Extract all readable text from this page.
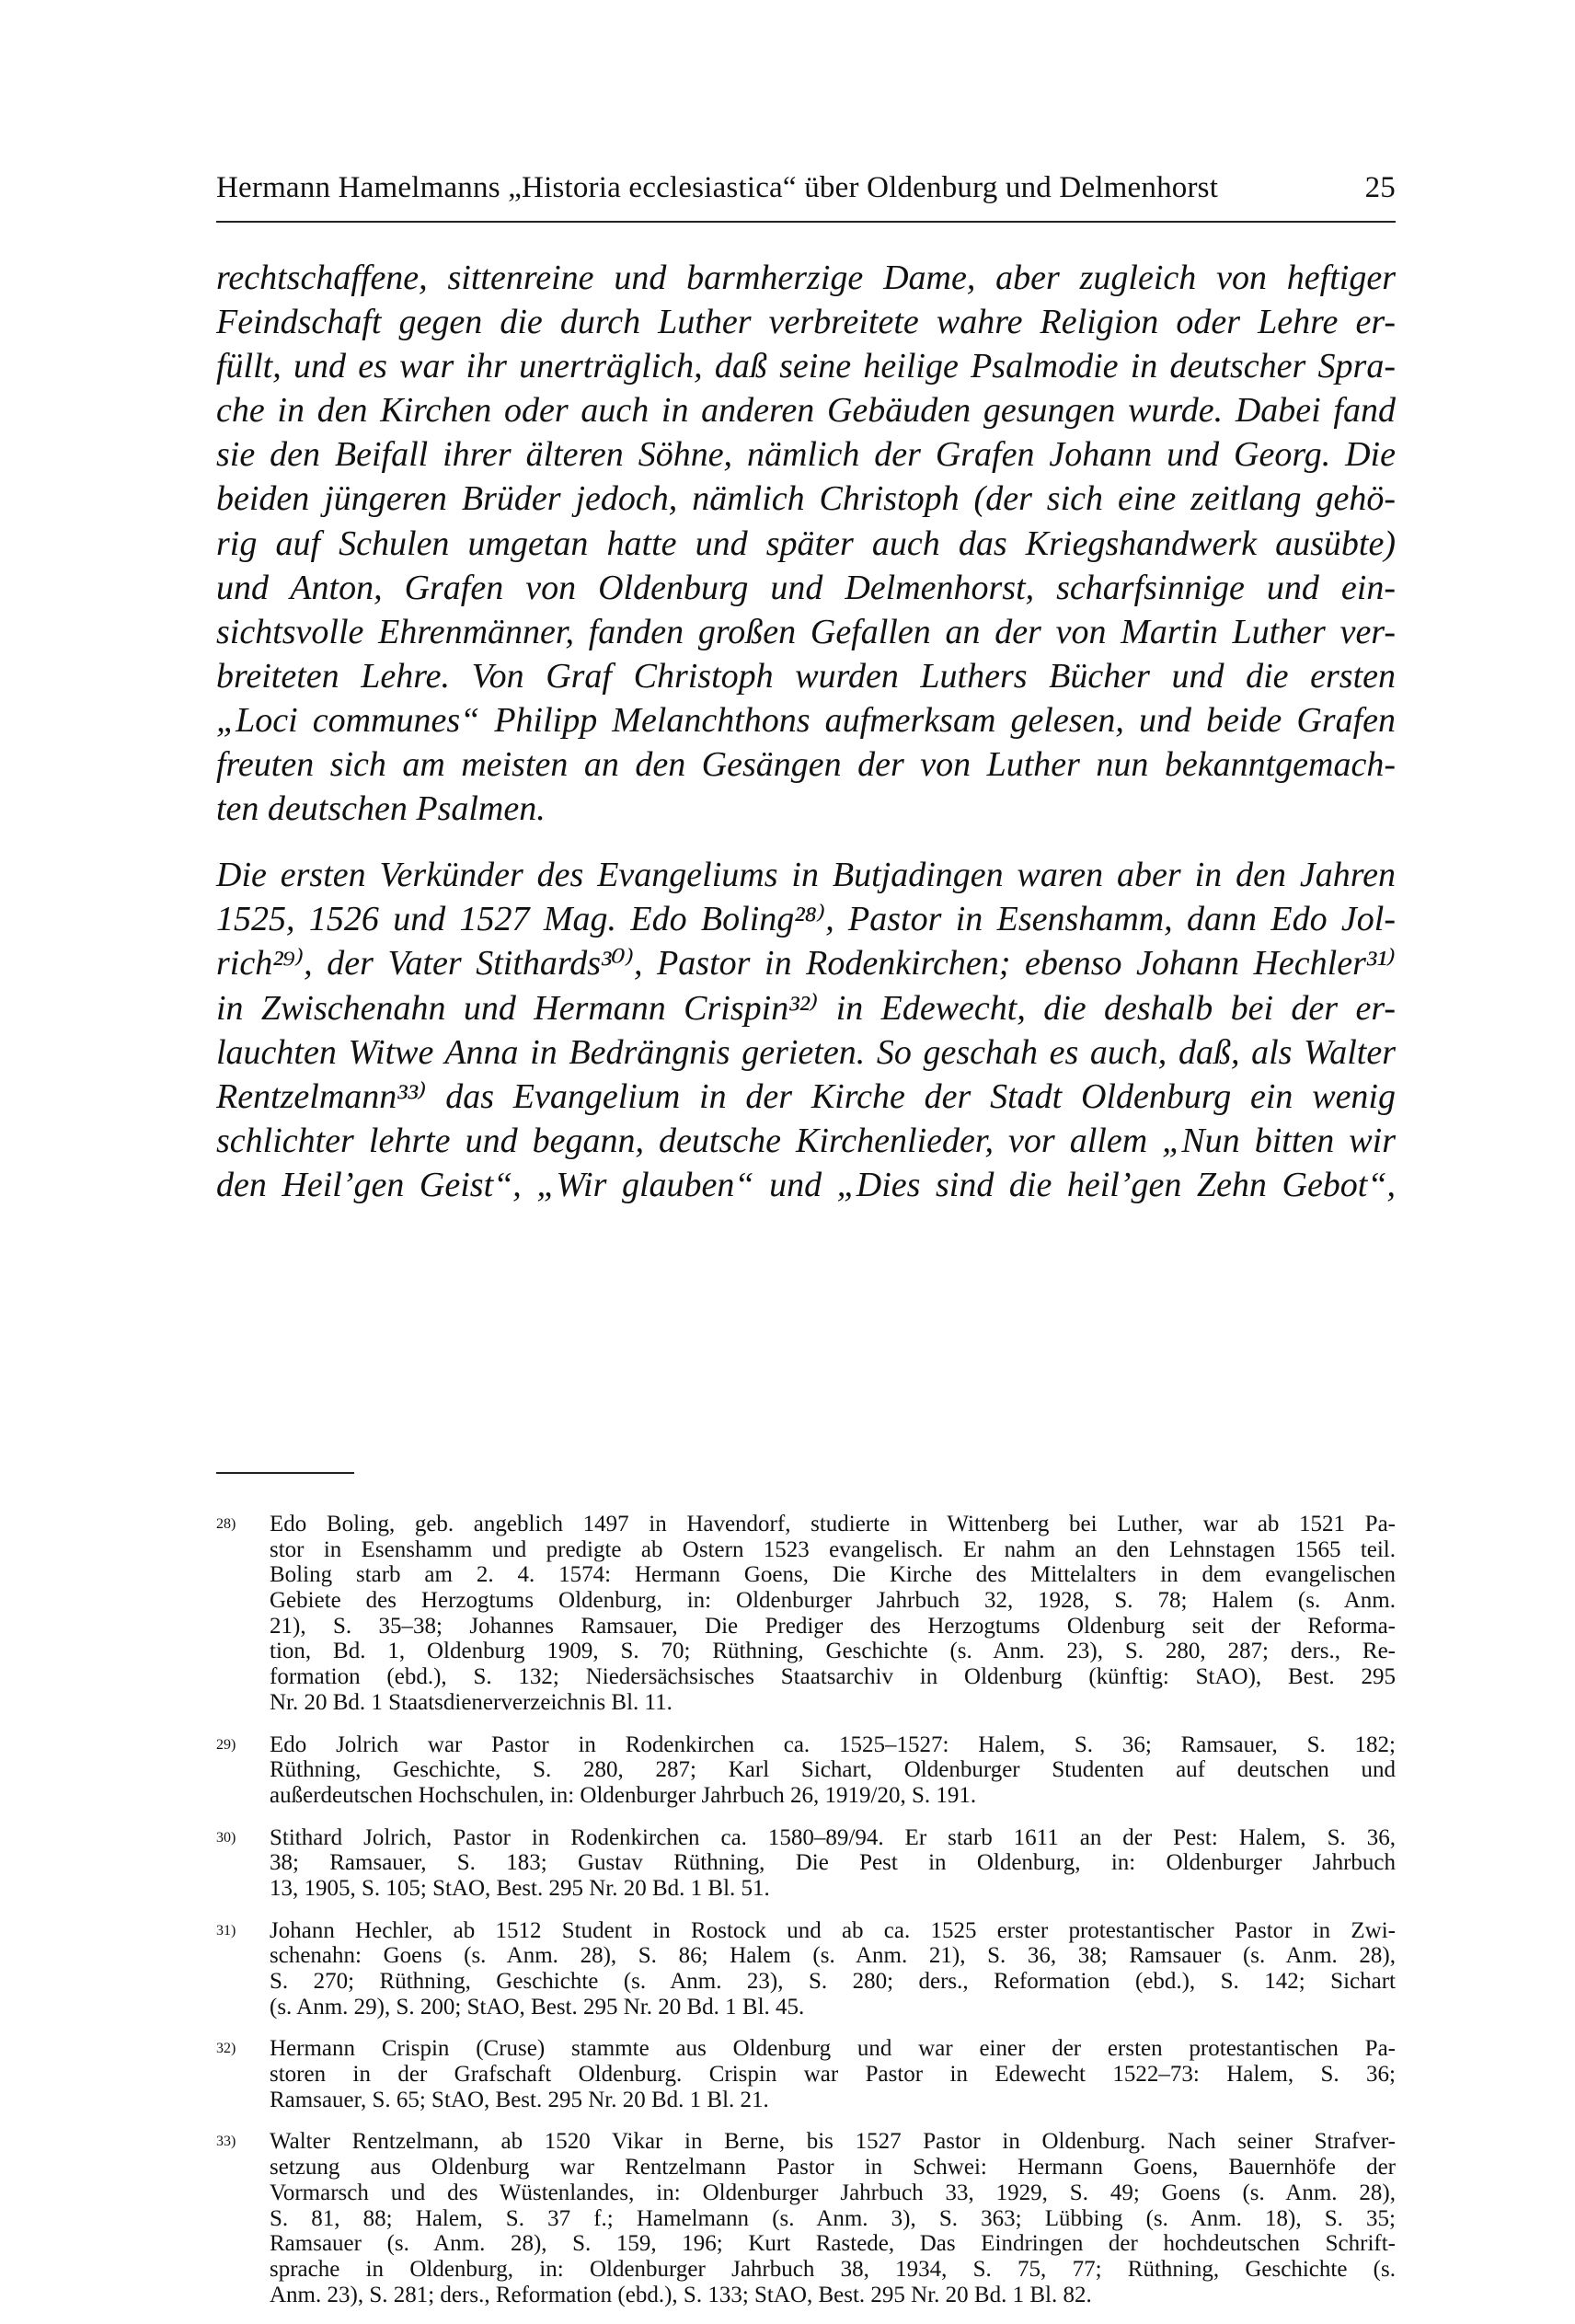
Hermann Hamelmanns „Historia ecclesiastica“ über Oldenburg und Delmenhorst	25
rechtschaffene, sittenreine und barmherzige Dame, aber zugleich von heftiger
Feindschaft gegen die durch Luther verbreitete wahre Religion oder Lehre er-
füllt, und es war ihr unerträglich, daß seine heilige Psalmodie in deutscher Spra-
che in den Kirchen oder auch in anderen Gebäuden gesungen wurde. Dabei fand
sie den Beifall ihrer älteren Söhne, nämlich der Grafen Johann und Georg. Die
beiden jüngeren Brüder jedoch, nämlich Christoph (der sich eine zeitlang gehö-
rig auf Schulen umgetan hatte und später auch das Kriegshandwerk ausübte)
und Anton, Grafen von Oldenburg und Delmenhorst, scharfsinnige und ein-
sichtsvolle Ehrenmänner, fanden großen Gefallen an der von Martin Luther ver-
breiteten Lehre. Von Graf Christoph wurden Luthers Bücher und die ersten
„Loci communes“ Philipp Melanchthons aufmerksam gelesen, und beide Grafen
freuten sich am meisten an den Gesängen der von Luther nun bekanntgemach-
ten deutschen Psalmen.
Die ersten Verkünder des Evangeliums in Butjadingen waren aber in den Jahren
1525, 1526 und 1527 Mag. Edo Boling²⁸⁾, Pastor in Esenshamm, dann Edo Jol-
rich²⁹⁾, der Vater Stithards³⁰⁾, Pastor in Rodenkirchen; ebenso Johann Hechler³¹⁾
in Zwischenahn und Hermann Crispin³²⁾ in Edewecht, die deshalb bei der er-
lauchten Witwe Anna in Bedrängnis gerieten. So geschah es auch, daß, als Walter
Rentzelmann³³⁾ das Evangelium in der Kirche der Stadt Oldenburg ein wenig
schlichter lehrte und begann, deutsche Kirchenlieder, vor allem „Nun bitten wir
den Heil’gen Geist“, „Wir glauben“ und „Dies sind die heil’gen Zehn Gebot“,
$^{28)}$	Edo Boling, geb. angeblich 1497 in Havendorf, studierte in Wittenberg bei Luther, war ab 1521 Pa-
stor in Esenshamm und predigte ab Ostern 1523 evangelisch. Er nahm an den Lehnstagen 1565 teil.
Boling starb am 2. 4. 1574: Hermann Goens, Die Kirche des Mittelalters in dem evangelischen
Gebiete des Herzogtums Oldenburg, in: Oldenburger Jahrbuch 32, 1928, S. 78; Halem (s. Anm.
21), S. 35–38; Johannes Ramsauer, Die Prediger des Herzogtums Oldenburg seit der Reforma-
tion, Bd. 1, Oldenburg 1909, S. 70; Rüthning, Geschichte (s. Anm. 23), S. 280, 287; ders., Re-
formation (ebd.), S. 132; Niedersächsisches Staatsarchiv in Oldenburg (künftig: StAO), Best. 295
Nr. 20 Bd. 1 Staatsdienerverzeichnis Bl. 11.
$^{29)}$	Edo Jolrich war Pastor in Rodenkirchen ca. 1525–1527: Halem, S. 36; Ramsauer, S. 182;
Rüthning, Geschichte, S. 280, 287; Karl Sichart, Oldenburger Studenten auf deutschen und
außerdeutschen Hochschulen, in: Oldenburger Jahrbuch 26, 1919/20, S. 191.
$^{30)}$	Stithard Jolrich, Pastor in Rodenkirchen ca. 1580–89/94. Er starb 1611 an der Pest: Halem, S. 36,
38; Ramsauer, S. 183; Gustav Rüthning, Die Pest in Oldenburg, in: Oldenburger Jahrbuch
13, 1905, S. 105; StAO, Best. 295 Nr. 20 Bd. 1 Bl. 51.
$^{31)}$	Johann Hechler, ab 1512 Student in Rostock und ab ca. 1525 erster protestantischer Pastor in Zwi-
schenahn: Goens (s. Anm. 28), S. 86; Halem (s. Anm. 21), S. 36, 38; Ramsauer (s. Anm. 28),
S. 270; Rüthning, Geschichte (s. Anm. 23), S. 280; ders., Reformation (ebd.), S. 142; Sichart
(s. Anm. 29), S. 200; StAO, Best. 295 Nr. 20 Bd. 1 Bl. 45.
$^{32)}$	Hermann Crispin (Cruse) stammte aus Oldenburg und war einer der ersten protestantischen Pa-
storen in der Grafschaft Oldenburg. Crispin war Pastor in Edewecht 1522–73: Halem, S. 36;
Ramsauer, S. 65; StAO, Best. 295 Nr. 20 Bd. 1 Bl. 21.
$^{33)}$	Walter Rentzelmann, ab 1520 Vikar in Berne, bis 1527 Pastor in Oldenburg. Nach seiner Strafver-
setzung aus Oldenburg war Rentzelmann Pastor in Schwei: Hermann Goens, Bauernhöfe der
Vormarsch und des Wüstenlandes, in: Oldenburger Jahrbuch 33, 1929, S. 49; Goens (s. Anm. 28),
S. 81, 88; Halem, S. 37 f.; Hamelmann (s. Anm. 3), S. 363; Lübbing (s. Anm. 18), S. 35;
Ramsauer (s. Anm. 28), S. 159, 196; Kurt Rastede, Das Eindringen der hochdeutschen Schrift-
sprache in Oldenburg, in: Oldenburger Jahrbuch 38, 1934, S. 75, 77; Rüthning, Geschichte (s.
Anm. 23), S. 281; ders., Reformation (ebd.), S. 133; StAO, Best. 295 Nr. 20 Bd. 1 Bl. 82.
